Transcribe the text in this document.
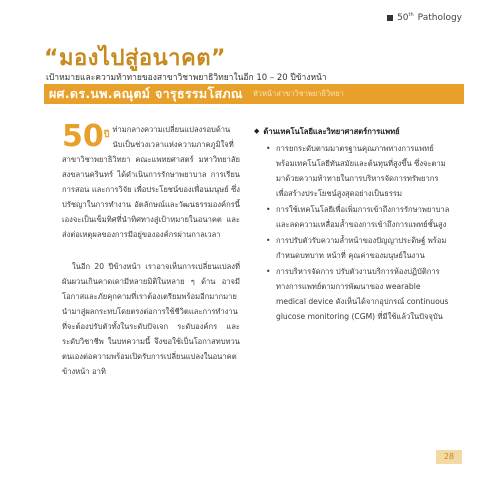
50th Pathology
“มองไปสู่อนาคต”
เป้าหมายและความท้าทายของสาขาวิชาพยาธิวิทยาในอีก 10 – 20 ปีข้างหน้า
ผศ.ดร.นพ.คณุตม์ จารุธรรมโสภณ หัวหน้าสาขาวิชาพยาธิวิทยา
$50^{ปี}$

ท่ามกลางความเปลี่ยนแปลงรอบด้าน นับเป็นช่วงเวลาแห่งความภาคภูมิใจที่สาขาวิชาพยาธิวิทยา คณะแพทยศาสตร์ มหาวิทยาลัยสงขลานครินทร์ ได้ดำเนินการรักษาพยาบาล การเรียนการสอน และการวิจัย เพื่อประโยชน์ของเพื่อนมนุษย์ ซึ่งปรัชญาในการทำงาน อัตลักษณ์และวัฒนธรรมองค์กรนี้เองจะเป็นเข็มทิศที่นำทิศทางสู่เป้าหมายในอนาคต และส่งต่อเหตุผลของการมีอยู่ขององค์กรผ่านกาลเวลา

ในอีก 20 ปีข้างหน้า เราอาจเห็นการเปลี่ยนแปลงที่ผันผวนเกินคาดเดามีหลายมิติในหลาย ๆ ด้าน อาจมีโอกาสและภัยคุกคามที่เราต้องเตรียมพร้อมอีกมากมาย นำมาสู่ผลกระทบโดยตรงต่อการใช้ชีวิตและการทำงานที่จะต้องปรับตัวทั้งในระดับปัจเจก ระดับองค์กร และระดับวิชาชีพ ในบทความนี้ จึงขอใช้เป็นโอกาสทบทวนตนเองต่อความพร้อมเปิดรับการเปลี่ยนแปลงในอนาคตข้างหน้า อาทิ

◆ ด้านเทคโนโลยีและวิทยาศาสตร์การแพทย์
• การยกระดับตามมาตรฐานคุณภาพทางการแพทย์ พร้อมเทคโนโลยีทันสมัยและต้นทุนที่สูงขึ้น ซึ่งจะตามมาด้วยความท้าทายในการบริหารจัดการทรัพยากรเพื่อสร้างประโยชน์สูงสุดอย่างเป็นธรรม
• การใช้เทคโนโลยีเพื่อเพิ่มการเข้าถึงการรักษาพยาบาล และลดความเหลื่อมล้ำของการเข้าถึงการแพทย์ชั้นสูง
• การปรับตัวรับความล้ำหน้าของปัญญาประดิษฐ์ พร้อมกำหนดบทบาท หน้าที่ คุณค่าของมนุษย์ในงาน
• การบริหารจัดการ ปรับตัวงานบริการห้องปฏิบัติการทางการแพทย์ตามการพัฒนาของ wearable medical device ดังเห็นได้จากอุปกรณ์ continuous glucose monitoring (CGM) ที่มีใช้แล้วในปัจจุบัน
28
